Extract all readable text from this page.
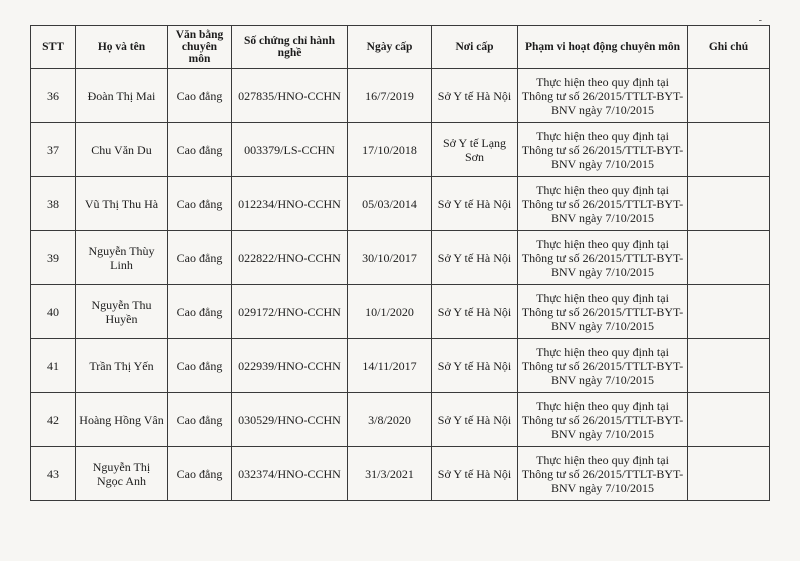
-
STT	Họ và tên	Văn bằng chuyên môn	Số chứng chỉ hành nghề	Ngày cấp	Nơi cấp	Phạm vi hoạt động chuyên môn	Ghi chú
36	Đoàn Thị Mai	Cao đẳng	027835/HNO-CCHN	16/7/2019	Sở Y tế Hà Nội	Thực hiện theo quy định tại Thông tư số 26/2015/TTLT-BYT-BNV ngày 7/10/2015	
37	Chu Văn Du	Cao đẳng	003379/LS-CCHN	17/10/2018	Sở Y tế Lạng Sơn	Thực hiện theo quy định tại Thông tư số 26/2015/TTLT-BYT-BNV ngày 7/10/2015	
38	Vũ Thị Thu Hà	Cao đẳng	012234/HNO-CCHN	05/03/2014	Sở Y tế Hà Nội	Thực hiện theo quy định tại Thông tư số 26/2015/TTLT-BYT-BNV ngày 7/10/2015	
39	Nguyễn Thùy Linh	Cao đẳng	022822/HNO-CCHN	30/10/2017	Sở Y tế Hà Nội	Thực hiện theo quy định tại Thông tư số 26/2015/TTLT-BYT-BNV ngày 7/10/2015	
40	Nguyễn Thu Huyền	Cao đẳng	029172/HNO-CCHN	10/1/2020	Sở Y tế Hà Nội	Thực hiện theo quy định tại Thông tư số 26/2015/TTLT-BYT-BNV ngày 7/10/2015	
41	Trần Thị Yến	Cao đẳng	022939/HNO-CCHN	14/11/2017	Sở Y tế Hà Nội	Thực hiện theo quy định tại Thông tư số 26/2015/TTLT-BYT-BNV ngày 7/10/2015	
42	Hoàng Hồng Vân	Cao đẳng	030529/HNO-CCHN	3/8/2020	Sở Y tế Hà Nội	Thực hiện theo quy định tại Thông tư số 26/2015/TTLT-BYT-BNV ngày 7/10/2015	
43	Nguyễn Thị Ngọc Anh	Cao đẳng	032374/HNO-CCHN	31/3/2021	Sở Y tế Hà Nội	Thực hiện theo quy định tại Thông tư số 26/2015/TTLT-BYT-BNV ngày 7/10/2015	
